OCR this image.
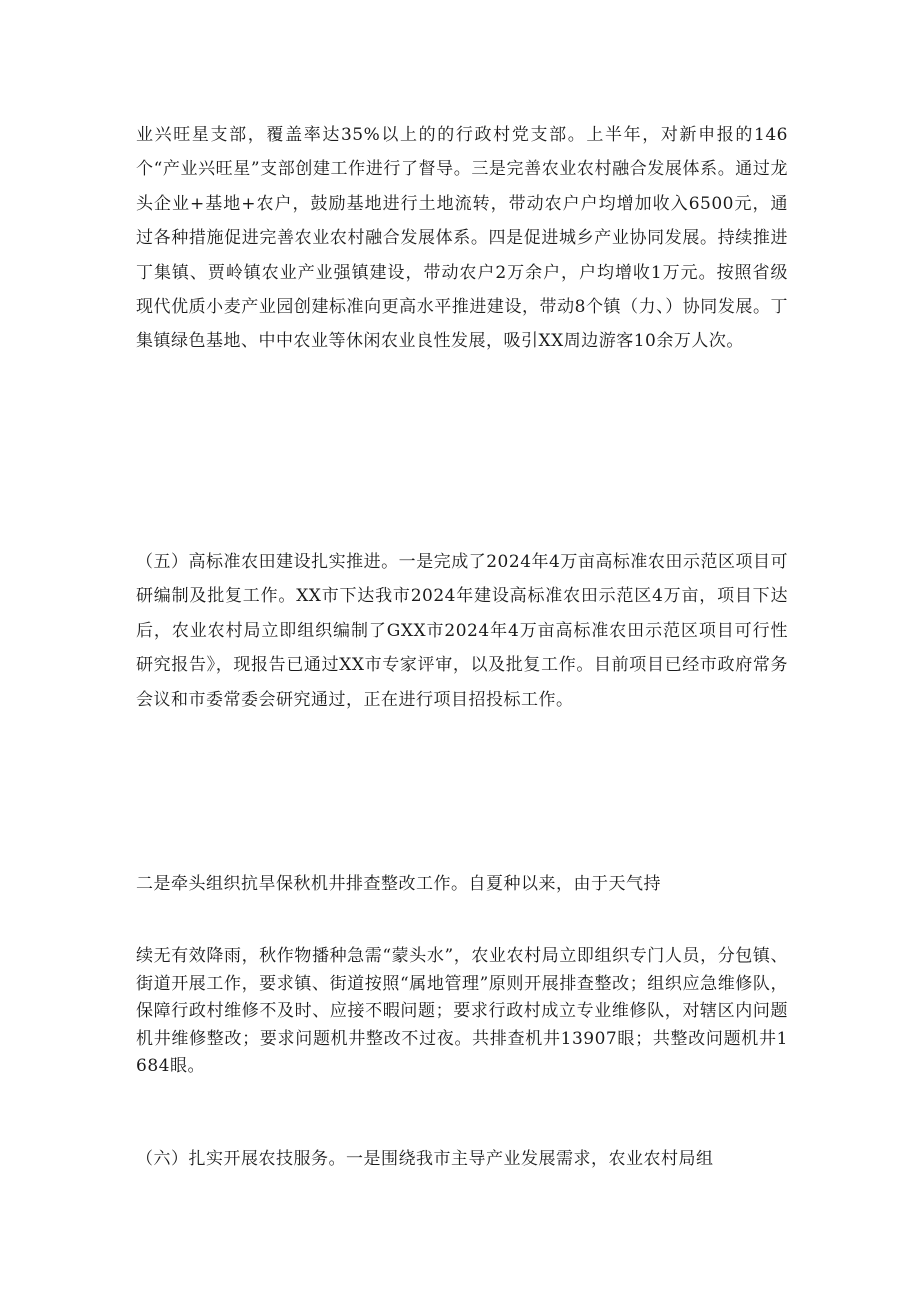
业兴旺星支部，覆盖率达35%以上的的行政村党支部。上半年，对新申报的146个“产业兴旺星”支部创建工作进行了督导。三是完善农业农村融合发展体系。通过龙头企业+基地+农户，鼓励基地进行土地流转，带动农户户均增加收入6500元，通过各种措施促进完善农业农村融合发展体系。四是促进城乡产业协同发展。持续推进丁集镇、贾岭镇农业产业强镇建设，带动农户2万余户，户均增收1万元。按照省级现代优质小麦产业园创建标准向更高水平推进建设，带动8个镇（力、）协同发展。丁集镇绿色基地、中中农业等休闲农业良性发展，吸引XX周边游客10余万人次。

（五）高标准农田建设扎实推进。一是完成了2024年4万亩高标准农田示范区项目可研编制及批复工作。XX市下达我市2024年建设高标准农田示范区4万亩，项目下达后，农业农村局立即组织编制了GXX市2024年4万亩高标准农田示范区项目可行性研究报告》，现报告已通过XX市专家评审，以及批复工作。目前项目已经市政府常务会议和市委常委会研究通过，正在进行项目招投标工作。

二是牵头组织抗旱保秋机井排查整改工作。自夏种以来，由于天气持

续无有效降雨，秋作物播种急需“蒙头水”，农业农村局立即组织专门人员，分包镇、街道开展工作，要求镇、街道按照“属地管理”原则开展排查整改；组织应急维修队，保障行政村维修不及时、应接不暇问题；要求行政村成立专业维修队，对辖区内问题机井维修整改；要求问题机井整改不过夜。共排查机井13907眼；共整改问题机井1684眼。

（六）扎实开展农技服务。一是围绕我市主导产业发展需求，农业农村局组
